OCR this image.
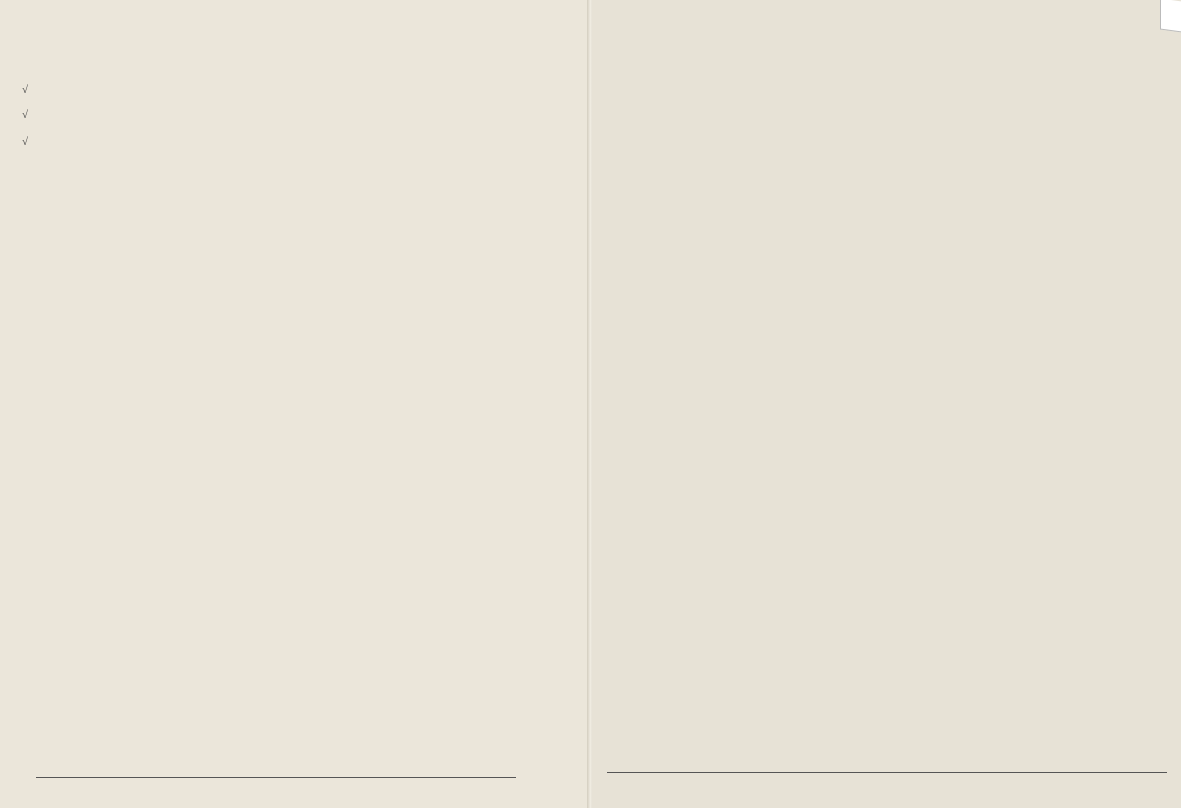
√
√
√
